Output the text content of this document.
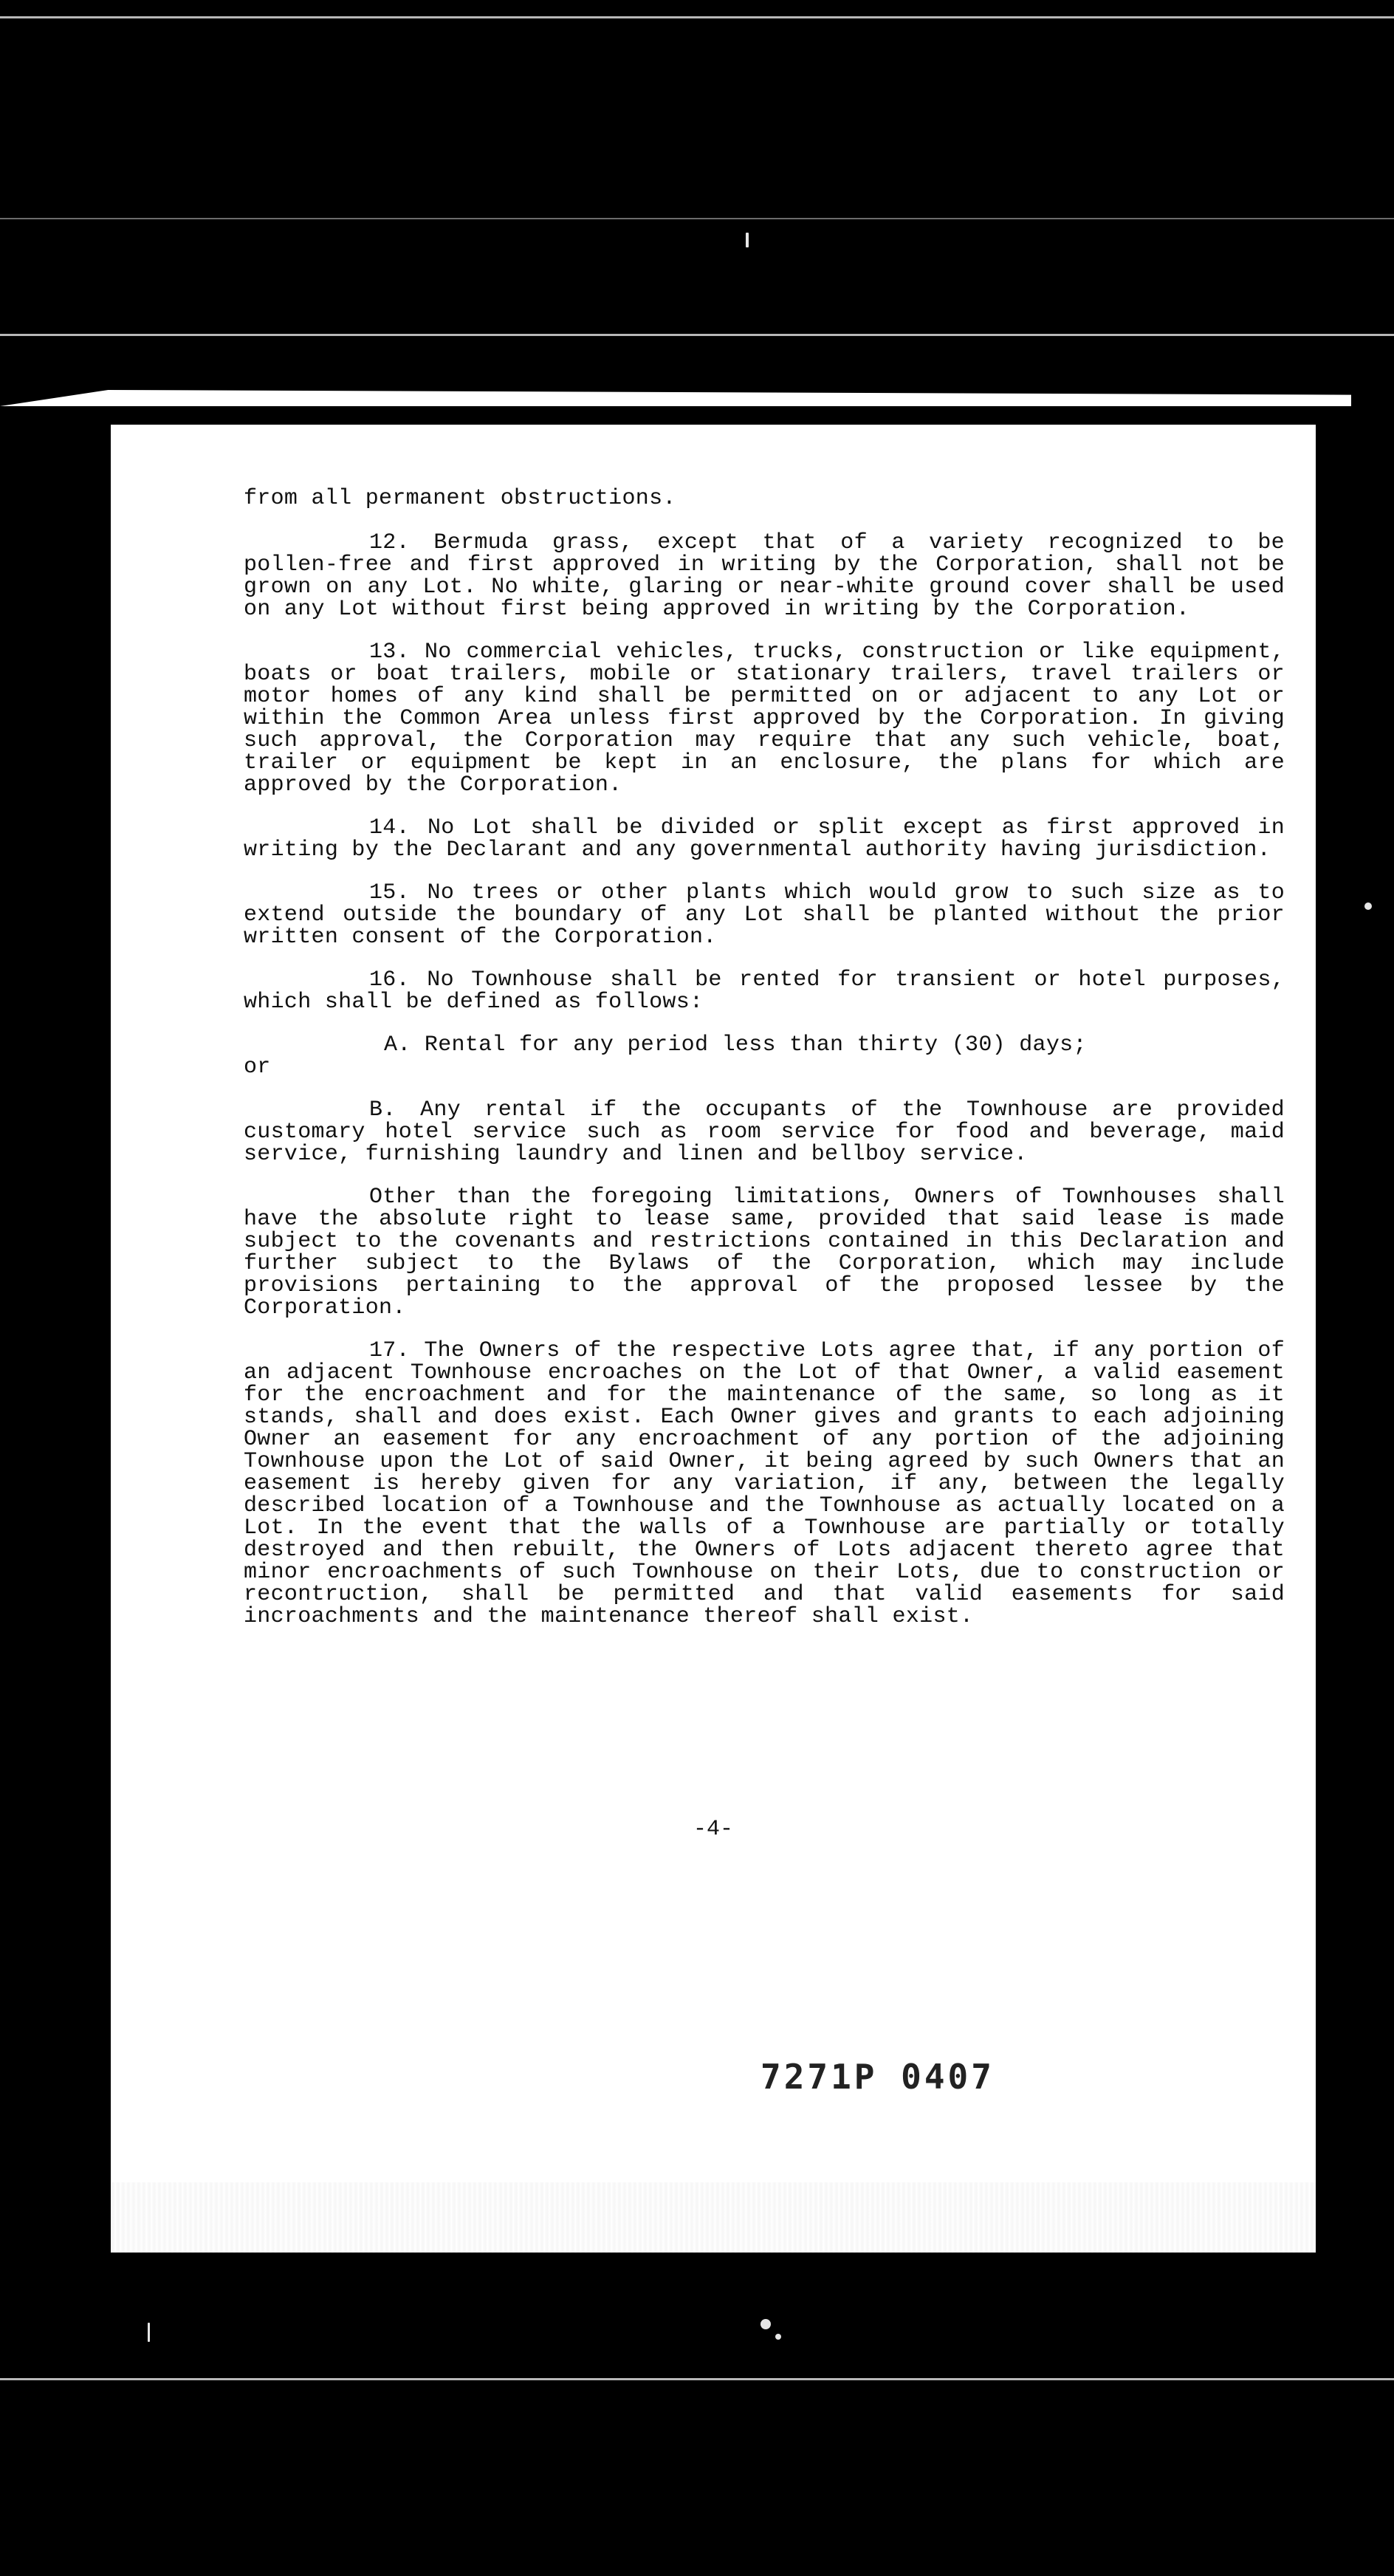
from all permanent obstructions.

12. Bermuda grass, except that of a variety recognized to be pollen-free and first approved in writing by the Corporation, shall not be grown on any Lot. No white, glaring or near-white ground cover shall be used on any Lot without first being approved in writing by the Corporation.

13. No commercial vehicles, trucks, construction or like equipment, boats or boat trailers, mobile or stationary trailers, travel trailers or motor homes of any kind shall be permitted on or adjacent to any Lot or within the Common Area unless first approved by the Corporation. In giving such approval, the Corporation may require that any such vehicle, boat, trailer or equipment be kept in an enclosure, the plans for which are approved by the Corporation.

14. No Lot shall be divided or split except as first approved in writing by the Declarant and any governmental authority having jurisdiction.

15. No trees or other plants which would grow to such size as to extend outside the boundary of any Lot shall be planted without the prior written consent of the Corporation.

16. No Townhouse shall be rented for transient or hotel purposes, which shall be defined as follows:

A. Rental for any period less than thirty (30) days;
or

B. Any rental if the occupants of the Townhouse are provided customary hotel service such as room service for food and beverage, maid service, furnishing laundry and linen and bellboy service.

Other than the foregoing limitations, Owners of Townhouses shall have the absolute right to lease same, provided that said lease is made subject to the covenants and restrictions contained in this Declaration and further subject to the Bylaws of the Corporation, which may include provisions pertaining to the approval of the proposed lessee by the Corporation.

17. The Owners of the respective Lots agree that, if any portion of an adjacent Townhouse encroaches on the Lot of that Owner, a valid easement for the encroachment and for the maintenance of the same, so long as it stands, shall and does exist. Each Owner gives and grants to each adjoining Owner an easement for any encroachment of any portion of the adjoining Townhouse upon the Lot of said Owner, it being agreed by such Owners that an easement is hereby given for any variation, if any, between the legally described location of a Townhouse and the Townhouse as actually located on a Lot. In the event that the walls of a Townhouse are partially or totally destroyed and then rebuilt, the Owners of Lots adjacent thereto agree that minor encroachments of such Townhouse on their Lots, due to construction or recontruction, shall be permitted and that valid easements for said incroachments and the maintenance thereof shall exist.

-4-
7271P 0407
